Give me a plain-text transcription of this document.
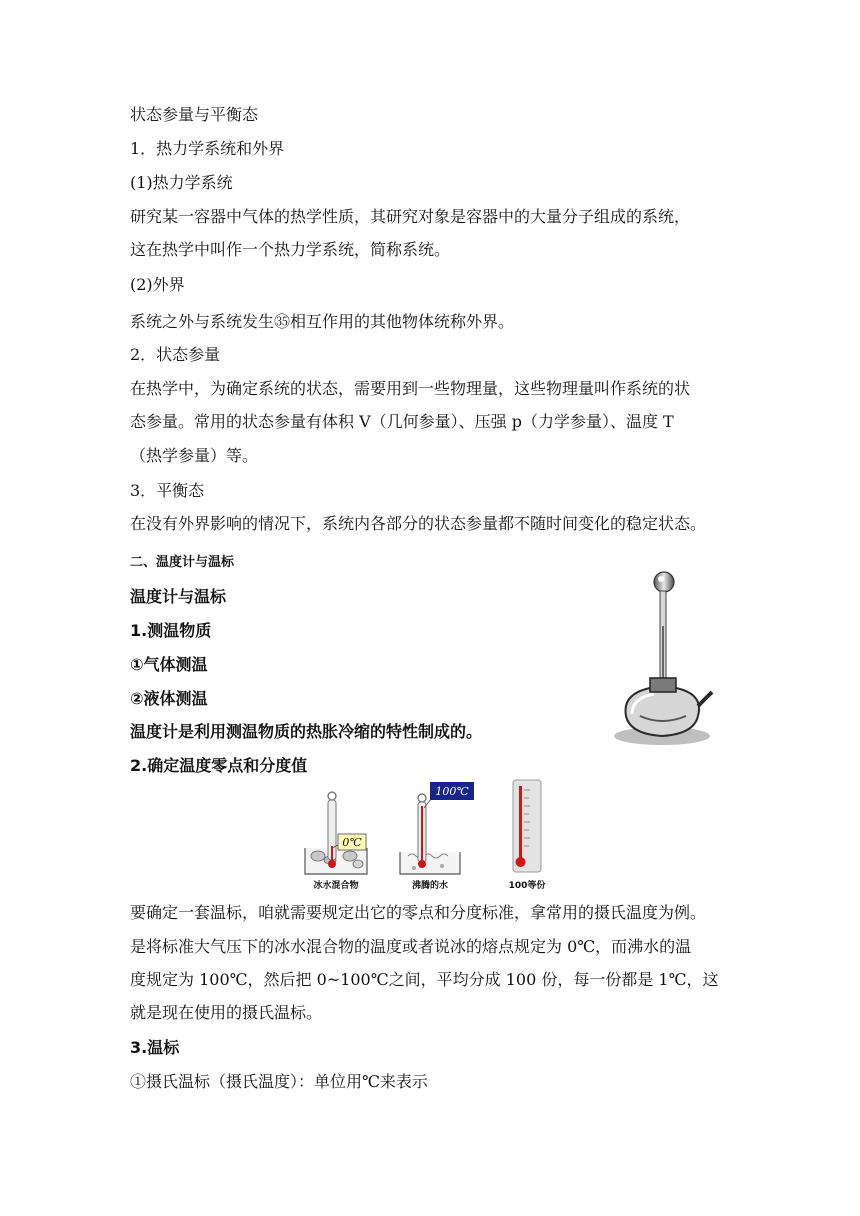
状态参量与平衡态
1．热力学系统和外界
(1)热力学系统
研究某一容器中气体的热学性质，其研究对象是容器中的大量分子组成的系统，
这在热学中叫作一个热力学系统，简称系统。
(2)外界
系统之外与系统发生㉟相互作用的其他物体统称外界。
2．状态参量
在热学中，为确定系统的状态，需要用到一些物理量，这些物理量叫作系统的状
态参量。常用的状态参量有体积 V（几何参量）、压强 p（力学参量）、温度 T
（热学参量）等。
3．平衡态
在没有外界影响的情况下，系统内各部分的状态参量都不随时间变化的稳定状态。
二、温度计与温标
温度计与温标
1.测温物质
①气体测温
②液体测温
温度计是利用测温物质的热胀冷缩的特性制成的。
2.确定温度零点和分度值
0℃
冰水混合物
100℃
沸腾的水	100等份
要确定一套温标，咱就需要规定出它的零点和分度标准，拿常用的摄氏温度为例。
是将标准大气压下的冰水混合物的温度或者说冰的熔点规定为 0℃，而沸水的温
度规定为 100℃，然后把 0~100℃之间，平均分成 100 份，每一份都是 1℃，这
就是现在使用的摄氏温标。
3.温标
①摄氏温标（摄氏温度）：单位用℃来表示
